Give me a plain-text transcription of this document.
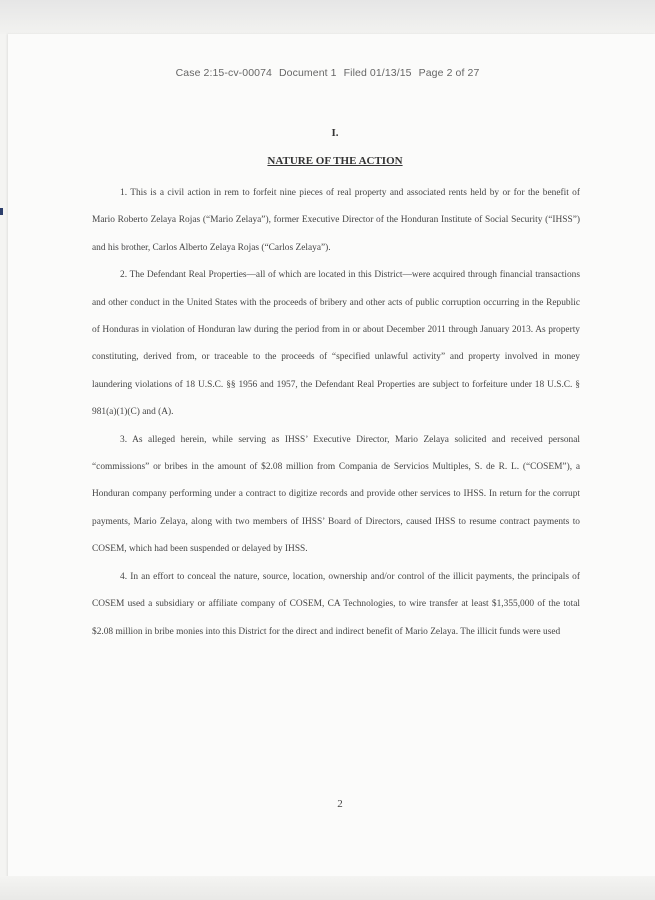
Case 2:15-cv-00074 Document 1 Filed 01/13/15 Page 2 of 27
I.
NATURE OF THE ACTION

1. This is a civil action in rem to forfeit nine pieces of real property and associated rents held by or for the benefit of Mario Roberto Zelaya Rojas (“Mario Zelaya”), former Executive Director of the Honduran Institute of Social Security (“IHSS”) and his brother, Carlos Alberto Zelaya Rojas (“Carlos Zelaya”).

2. The Defendant Real Properties—all of which are located in this District—were acquired through financial transactions and other conduct in the United States with the proceeds of bribery and other acts of public corruption occurring in the Republic of Honduras in violation of Honduran law during the period from in or about December 2011 through January 2013. As property constituting, derived from, or traceable to the proceeds of “specified unlawful activity” and property involved in money laundering violations of 18 U.S.C. §§ 1956 and 1957, the Defendant Real Properties are subject to forfeiture under 18 U.S.C. § 981(a)(1)(C) and (A).

3. As alleged herein, while serving as IHSS’ Executive Director, Mario Zelaya solicited and received personal “commissions” or bribes in the amount of $2.08 million from Compania de Servicios Multiples, S. de R. L. (“COSEM”), a Honduran company performing under a contract to digitize records and provide other services to IHSS. In return for the corrupt payments, Mario Zelaya, along with two members of IHSS’ Board of Directors, caused IHSS to resume contract payments to COSEM, which had been suspended or delayed by IHSS.

4. In an effort to conceal the nature, source, location, ownership and/or control of the illicit payments, the principals of COSEM used a subsidiary or affiliate company of COSEM, CA Technologies, to wire transfer at least $1,355,000 of the total $2.08 million in bribe monies into this District for the direct and indirect benefit of Mario Zelaya. The illicit funds were used

2
